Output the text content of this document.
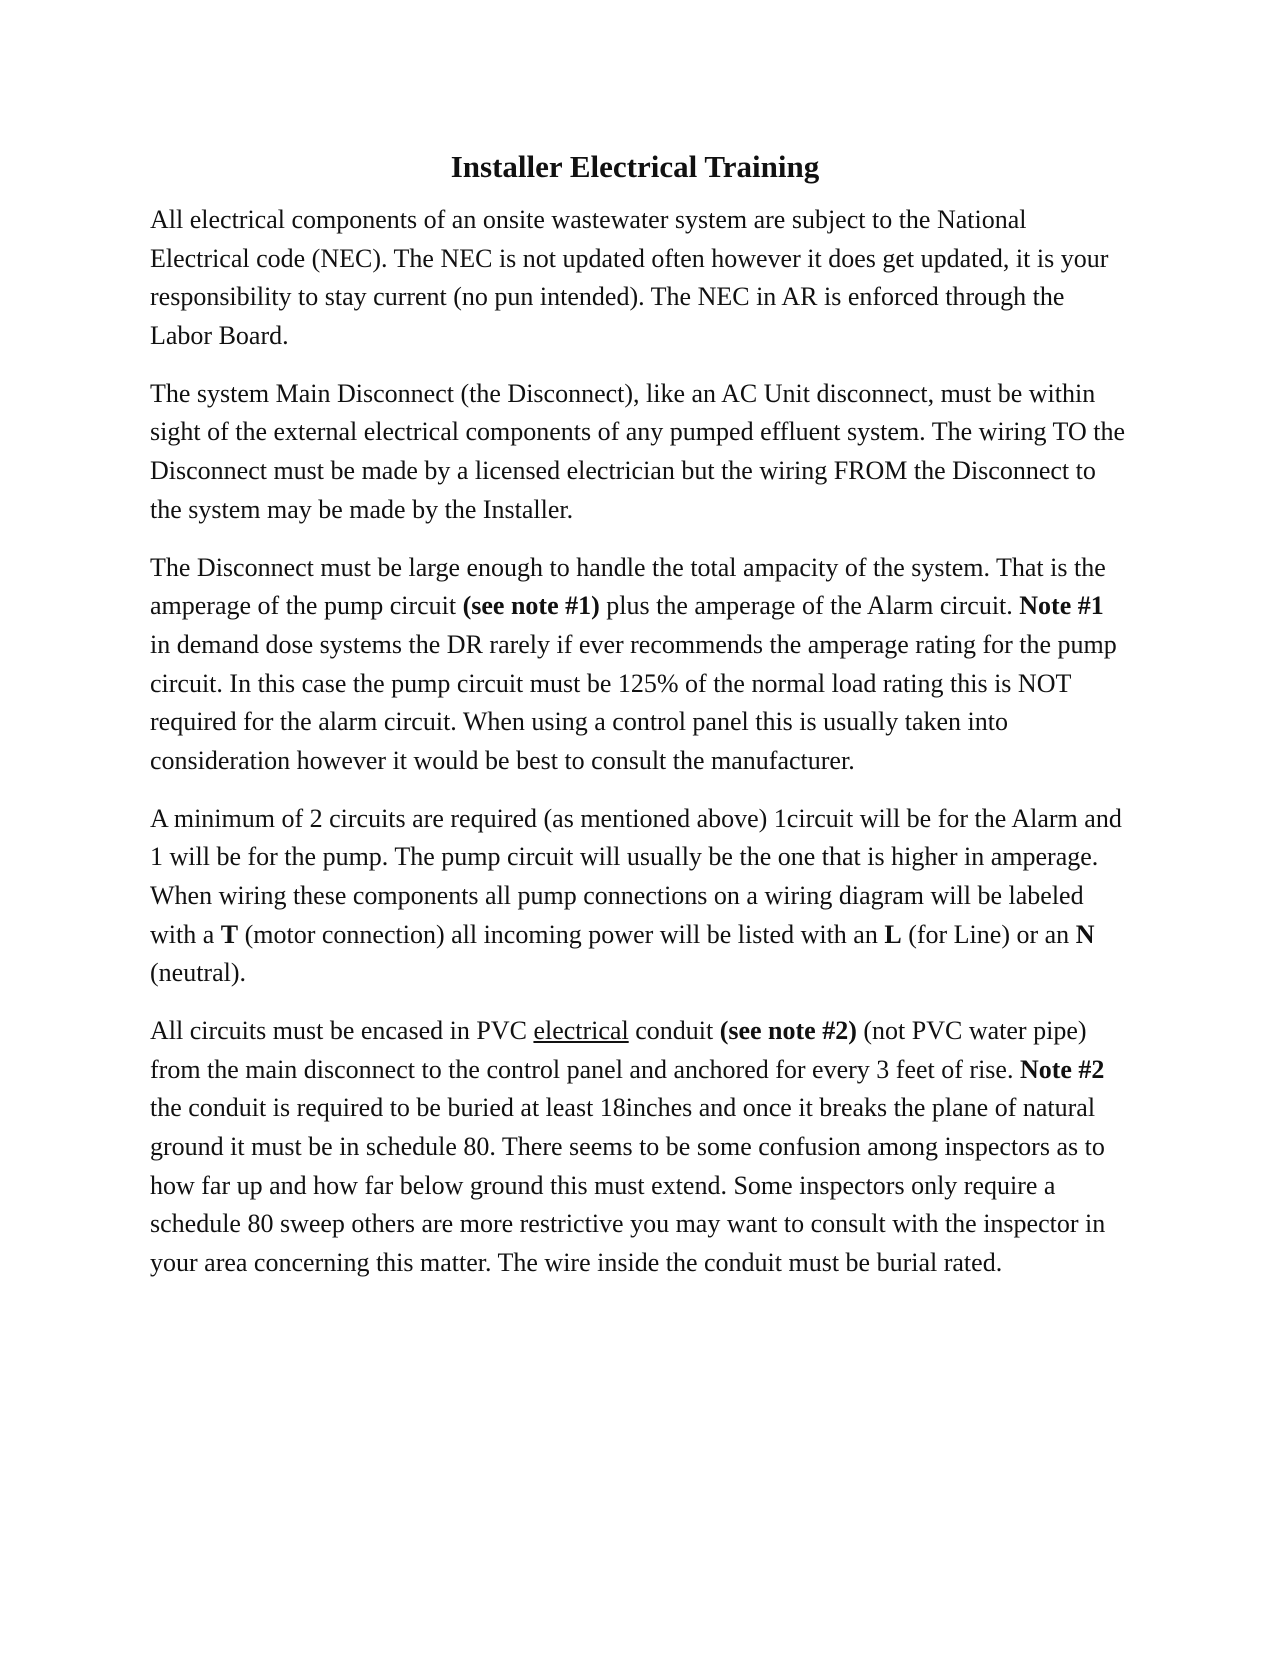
Installer Electrical Training

All electrical components of an onsite wastewater system are subject to the National Electrical code (NEC). The NEC is not updated often however it does get updated, it is your responsibility to stay current (no pun intended). The NEC in AR is enforced through the Labor Board.

The system Main Disconnect (the Disconnect), like an AC Unit disconnect, must be within sight of the external electrical components of any pumped effluent system. The wiring TO the Disconnect must be made by a licensed electrician but the wiring FROM the Disconnect to the system may be made by the Installer.

The Disconnect must be large enough to handle the total ampacity of the system. That is the amperage of the pump circuit (see note #1) plus the amperage of the Alarm circuit. Note #1 in demand dose systems the DR rarely if ever recommends the amperage rating for the pump circuit. In this case the pump circuit must be 125% of the normal load rating this is NOT required for the alarm circuit. When using a control panel this is usually taken into consideration however it would be best to consult the manufacturer.

A minimum of 2 circuits are required (as mentioned above) 1circuit will be for the Alarm and 1 will be for the pump. The pump circuit will usually be the one that is higher in amperage. When wiring these components all pump connections on a wiring diagram will be labeled with a T (motor connection) all incoming power will be listed with an L (for Line) or an N (neutral).

All circuits must be encased in PVC electrical conduit (see note #2) (not PVC water pipe) from the main disconnect to the control panel and anchored for every 3 feet of rise. Note #2 the conduit is required to be buried at least 18inches and once it breaks the plane of natural ground it must be in schedule 80. There seems to be some confusion among inspectors as to how far up and how far below ground this must extend. Some inspectors only require a schedule 80 sweep others are more restrictive you may want to consult with the inspector in your area concerning this matter. The wire inside the conduit must be burial rated.
